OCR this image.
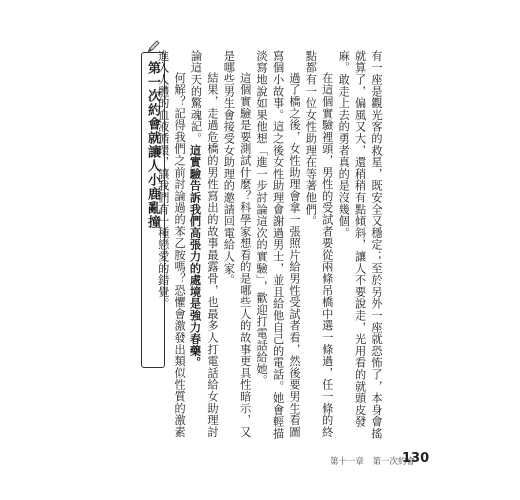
第一次約會就讓人小鹿亂撞	有一座是觀光客的救星，既安全又穩定；至於另外一座就恐怖了，本身會搖就算了，偏風又大，還稍稍有點傾斜，讓人不要說走，光用看的就頭皮發麻。敢走上去的勇者真的是沒幾個。

在這個實驗裡頭，男性的受試者要從兩條吊橋中選一條過，任一條的終點都有一位女性助理在等著他們。

過了橋之後，女性助理會拿一張照片給男性受試者看，然後要男生看圖寫個小故事。這之後女性助理會謝過男士，並且給他自己的電話。她會輕描淡寫地說如果他想「進一步討論這次的實驗」，歡迎打電話給她。

這個實驗是要測試什麼？科學家想看的是哪些人的故事更具性暗示，又是哪些男生會接受女助理的邀請回電給人家。

結果，走過危橋的男性寫出的故事最露骨，也最多人打電話給女助理討論這天的驚魂記。這實驗告訴我們高張力的處境是強力春藥。

何解？記得我們之前討論過的苯乙胺嗎？恐懼會激發出類似性質的激素進入人體的血液循環，讓我們有一種戀愛的錯覺。

第十一章　第一次約會
130
